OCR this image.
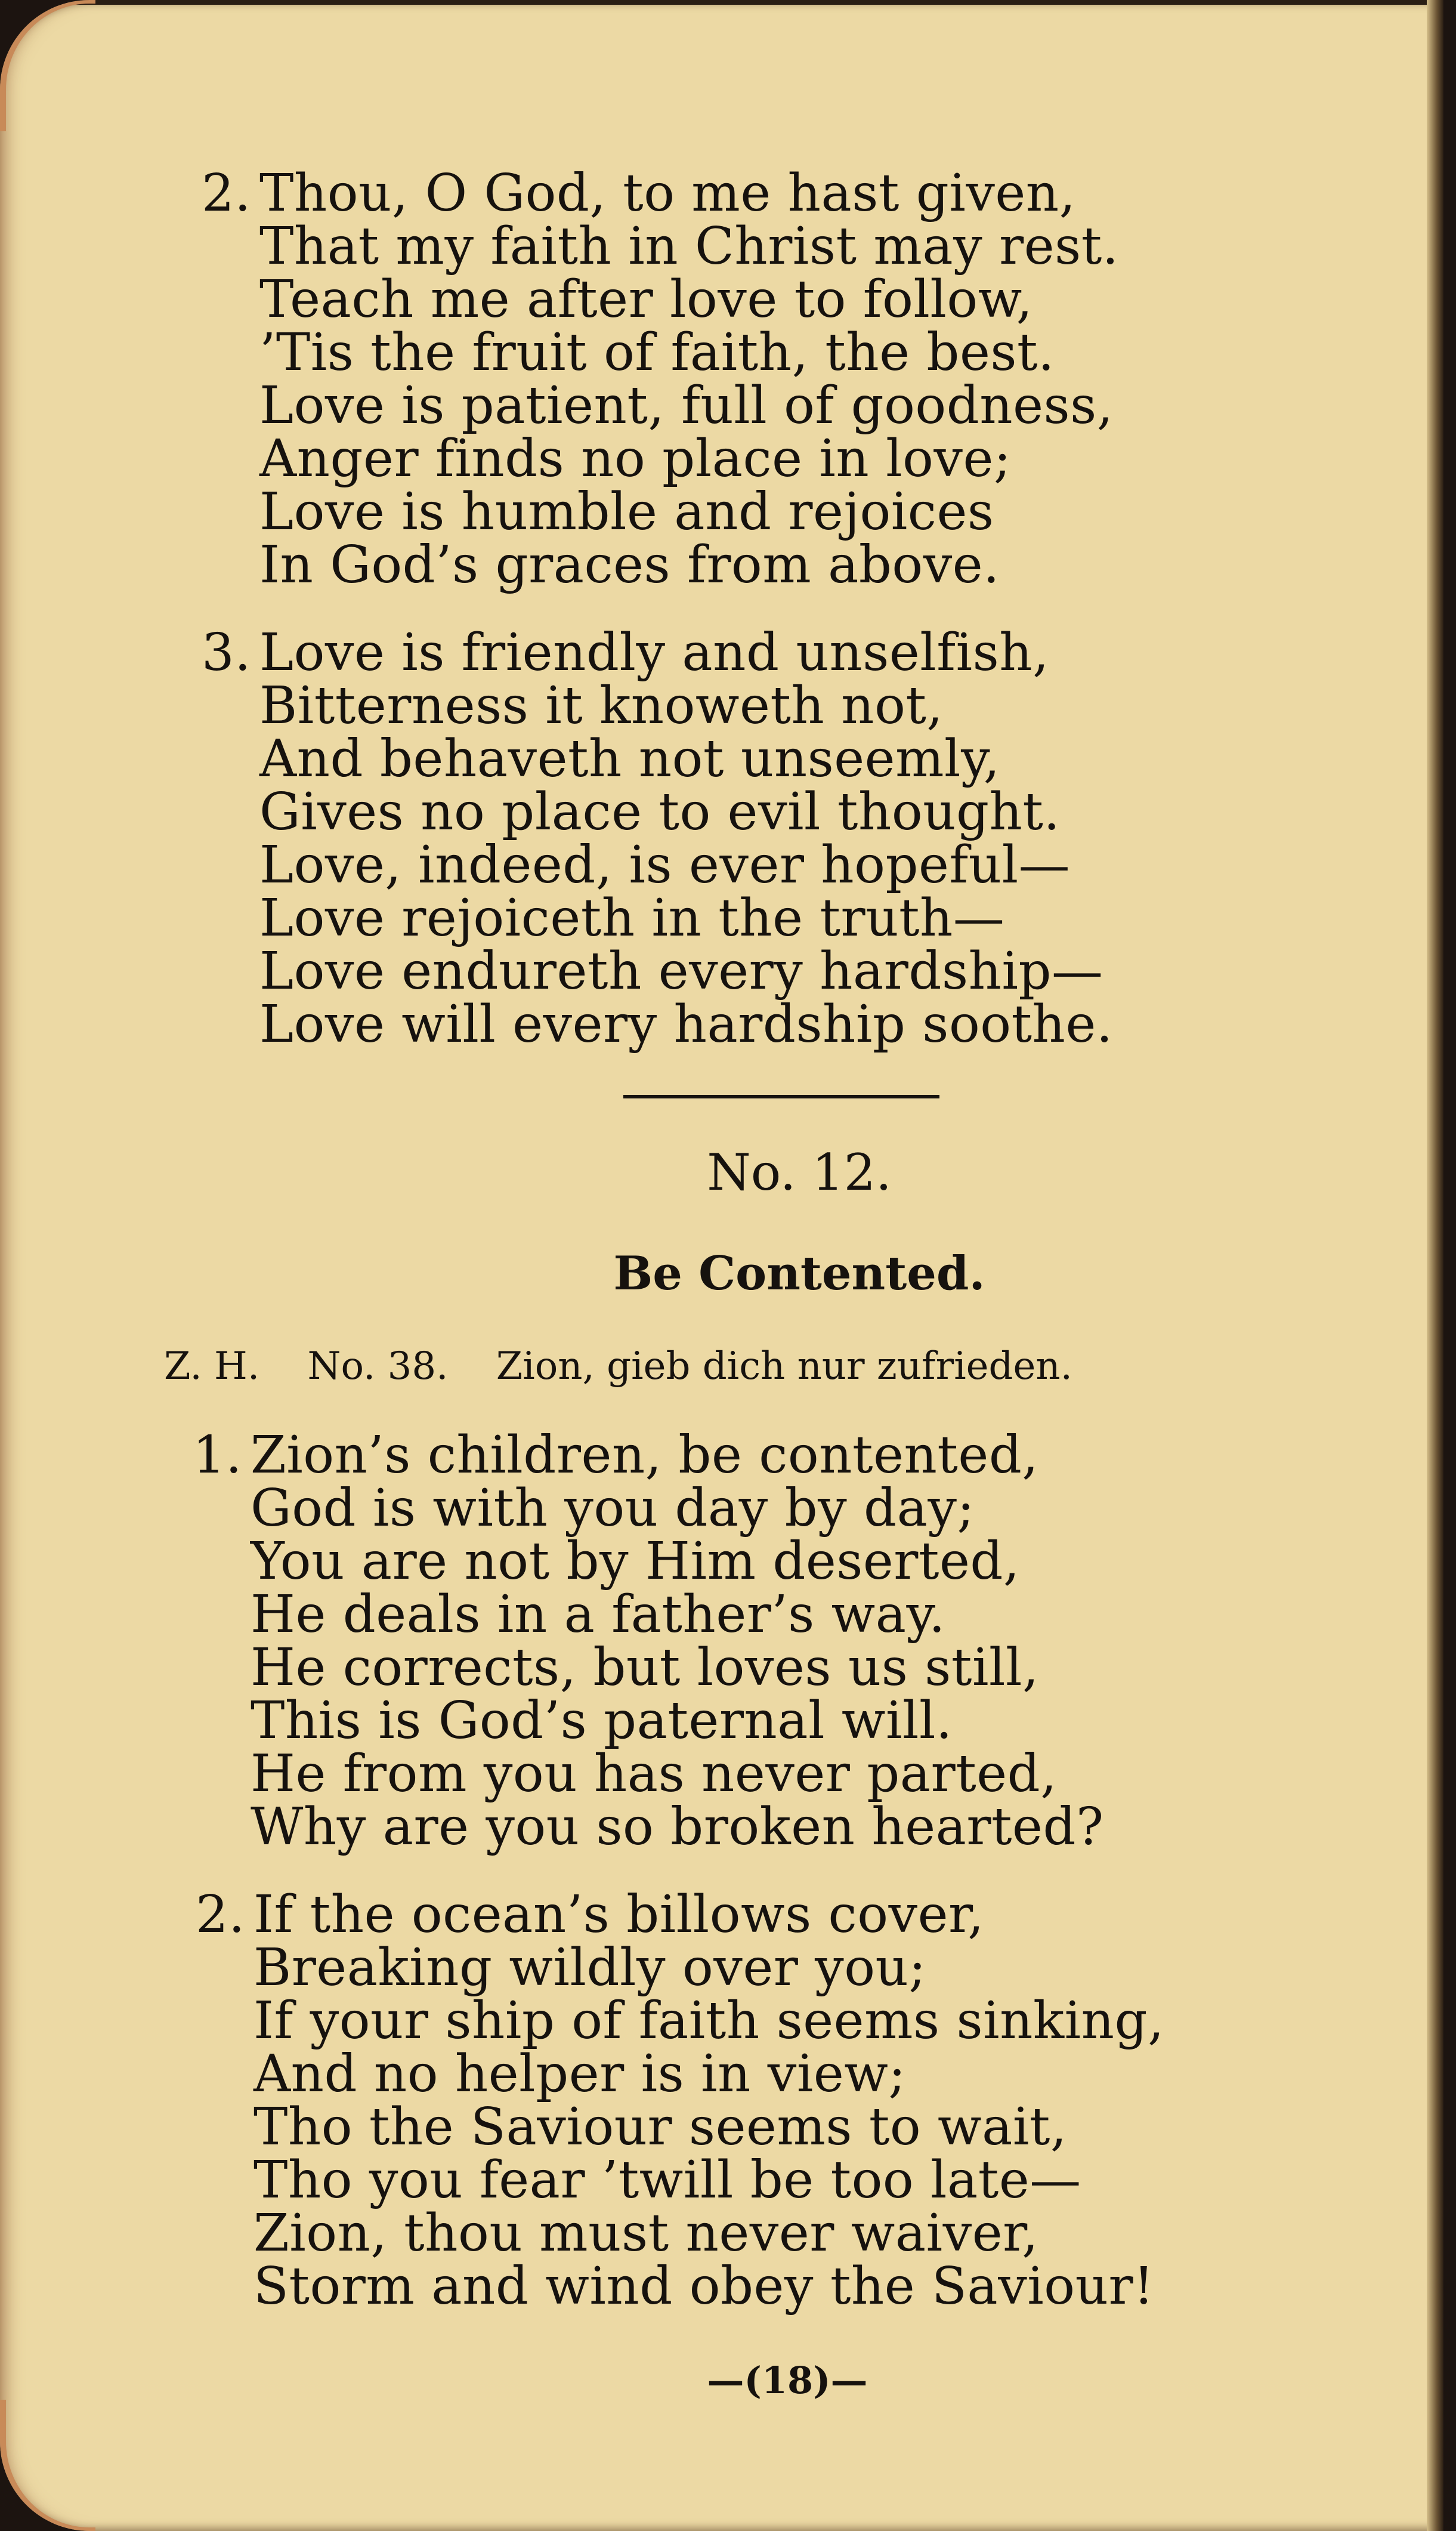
2. Thou, O God, to me hast given,
That my faith in Christ may rest.
Teach me after love to follow,
’Tis the fruit of faith, the best.
Love is patient, full of goodness,
Anger finds no place in love;
Love is humble and rejoices
In God’s graces from above.
3. Love is friendly and unselfish,
Bitterness it knoweth not,
And behaveth not unseemly,
Gives no place to evil thought.
Love, indeed, is ever hopeful—
Love rejoiceth in the truth—
Love endureth every hardship—
Love will every hardship soothe.
No. 12.
Be Contented.
Z. H. No. 38. Zion, gieb dich nur zufrieden.
1. Zion’s children, be contented,
God is with you day by day;
You are not by Him deserted,
He deals in a father’s way.
He corrects, but loves us still,
This is God’s paternal will.
He from you has never parted,
Why are you so broken hearted?
2. If the ocean’s billows cover,
Breaking wildly over you;
If your ship of faith seems sinking,
And no helper is in view;
Tho the Saviour seems to wait,
Tho you fear ’twill be too late—
Zion, thou must never waiver,
Storm and wind obey the Saviour!
—(18)—
